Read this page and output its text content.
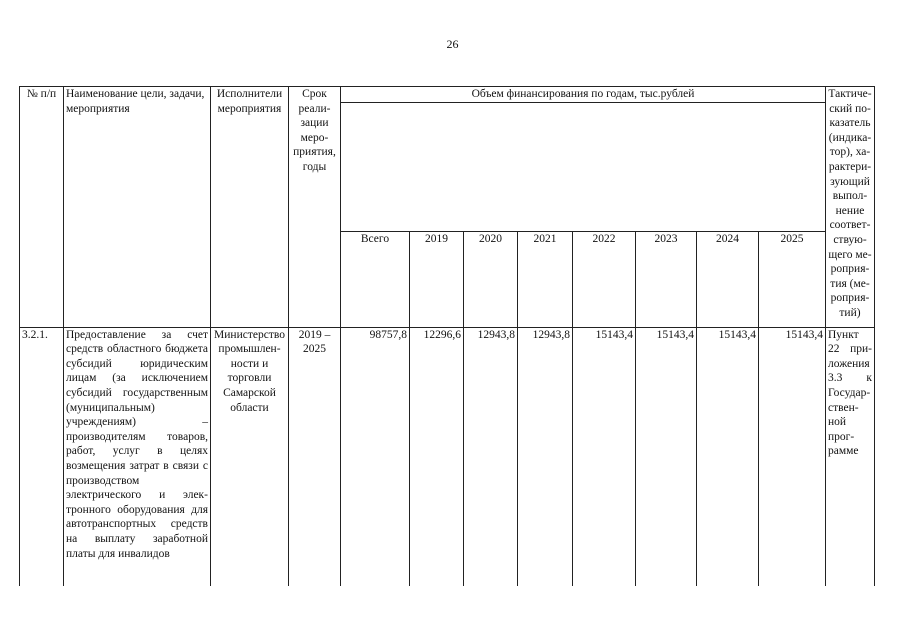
26
№ п/п	Наименование цели, задачи, мероприятия	Исполнители мероприятия	Срок реализации мероприятия, годы	Объем финансирования по годам, тыс.рублей								Тактический показатель (индикатор), характеризующий выполнение соответствующего мероприятия (мероприятий)

				Всего	2019	2020	2021	2022	2023	2024	2025	
3.2.1.	Предоставление за счет средств областного бюджета субсидий юридическим лицам (за исключением субсидий государственным (муниципальным) учреждениям) – производителям товаров, работ, услуг в целях возмещения затрат в связи с производством электрического и электронного оборудования для автотранспортных средств на выплату заработной платы для инвалидов	Министерство промышленности и торговли Самарской области	2019 – 2025	98757,8	12296,6	12943,8	12943,8	15143,4	15143,4	15143,4	15143,4	Пункт 22 приложения 3.3 к Государственной программе
